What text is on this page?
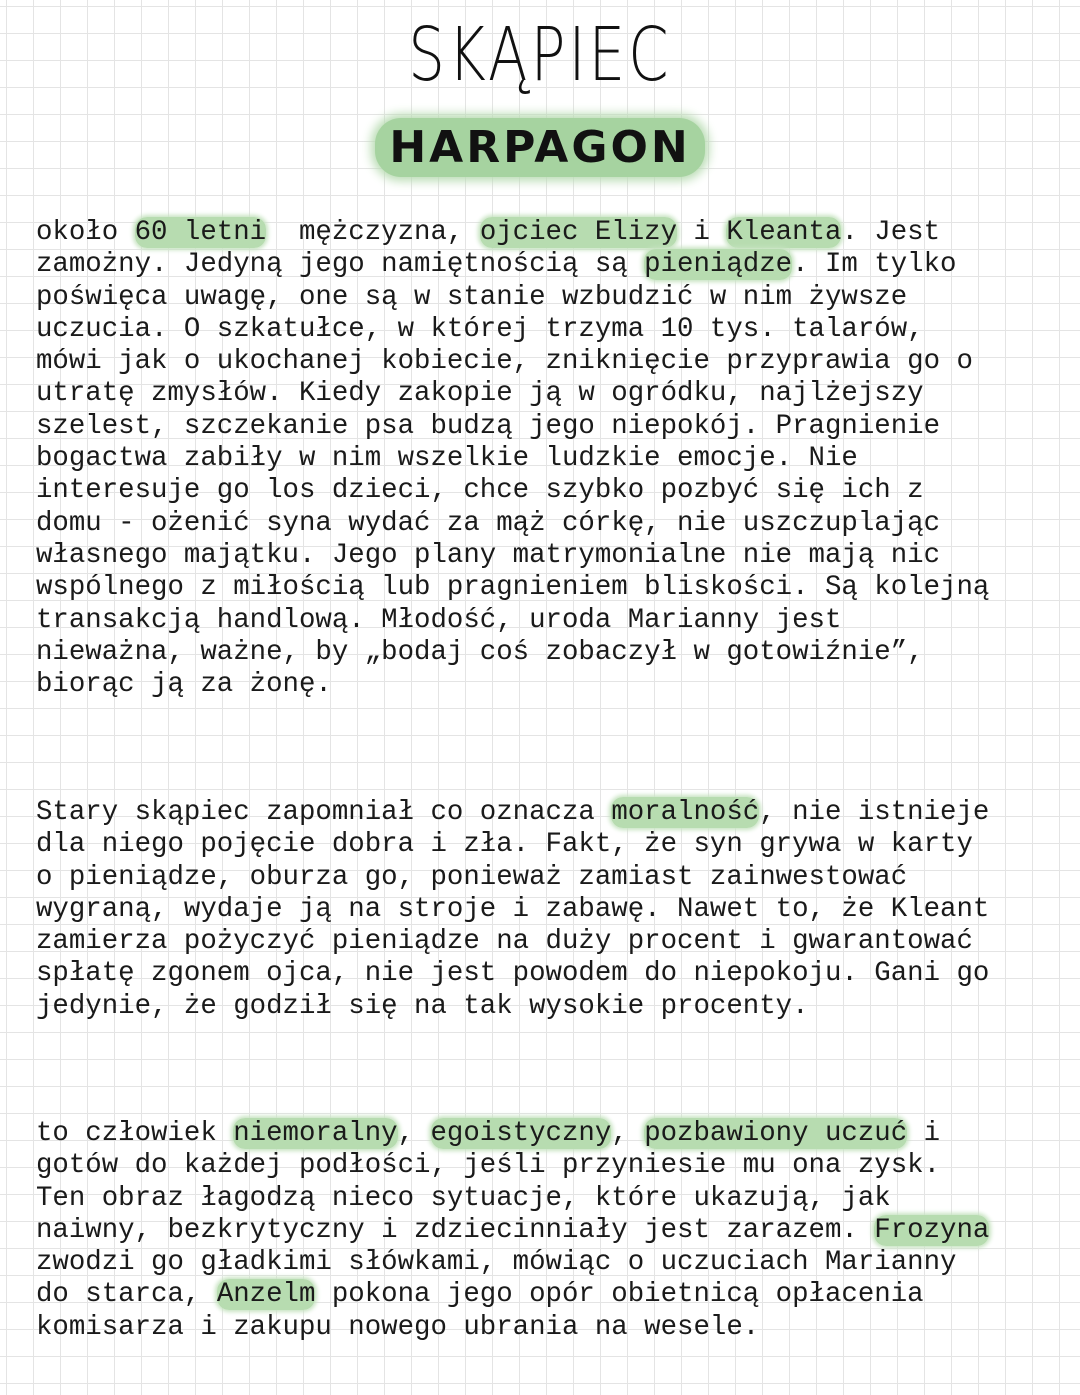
SKĄPIEC
HARPAGON

około 60 letni  mężczyzna, ojciec Elizy i Kleanta. Jest
zamożny. Jedyną jego namiętnością są pieniądze. Im tylko
poświęca uwagę, one są w stanie wzbudzić w nim żywsze
uczucia. O szkatułce, w której trzyma 10 tys. talarów,
mówi jak o ukochanej kobiecie, zniknięcie przyprawia go o
utratę zmysłów. Kiedy zakopie ją w ogródku, najlżejszy
szelest, szczekanie psa budzą jego niepokój. Pragnienie
bogactwa zabiły w nim wszelkie ludzkie emocje. Nie
interesuje go los dzieci, chce szybko pozbyć się ich z
domu - ożenić syna wydać za mąż córkę, nie uszczuplając
własnego majątku. Jego plany matrymonialne nie mają nic
wspólnego z miłością lub pragnieniem bliskości. Są kolejną
transakcją handlową. Młodość, uroda Marianny jest
nieważna, ważne, by „bodaj coś zobaczył w gotowiźnie”,
biorąc ją za żonę.

Stary skąpiec zapomniał co oznacza moralność, nie istnieje
dla niego pojęcie dobra i zła. Fakt, że syn grywa w karty
o pieniądze, oburza go, ponieważ zamiast zainwestować
wygraną, wydaje ją na stroje i zabawę. Nawet to, że Kleant
zamierza pożyczyć pieniądze na duży procent i gwarantować
spłatę zgonem ojca, nie jest powodem do niepokoju. Gani go
jedynie, że godził się na tak wysokie procenty.

to człowiek niemoralny, egoistyczny, pozbawiony uczuć i
gotów do każdej podłości, jeśli przyniesie mu ona zysk.
Ten obraz łagodzą nieco sytuacje, które ukazują, jak
naiwny, bezkrytyczny i zdziecinniały jest zarazem. Frozyna
zwodzi go gładkimi słówkami, mówiąc o uczuciach Marianny
do starca, Anzelm pokona jego opór obietnicą opłacenia
komisarza i zakupu nowego ubrania na wesele.
